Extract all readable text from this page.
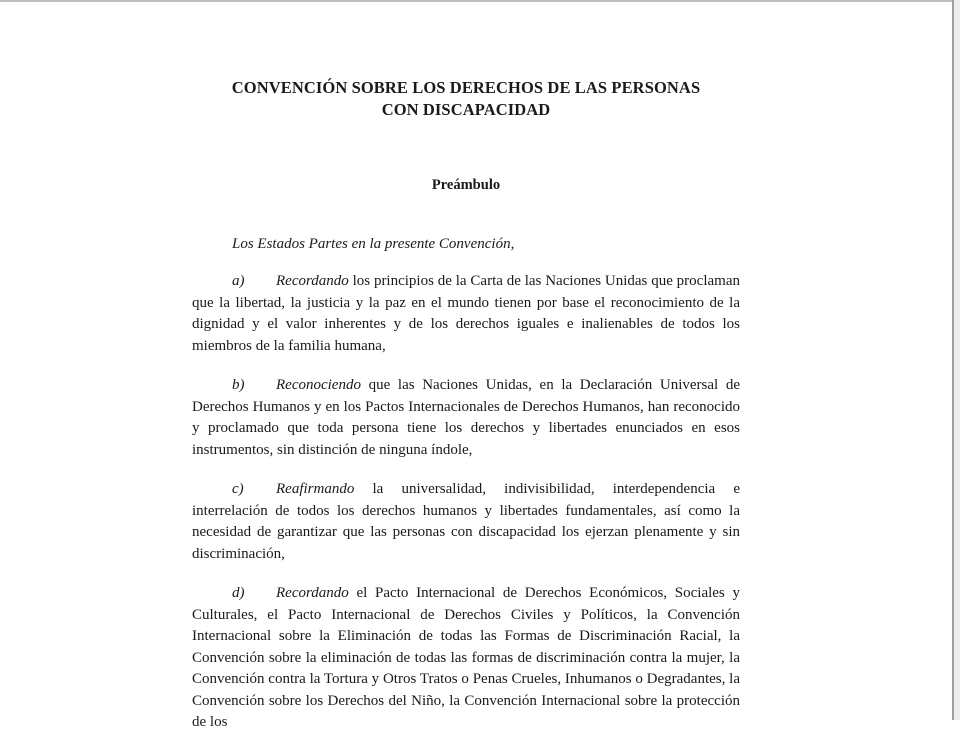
CONVENCIÓN SOBRE LOS DERECHOS DE LAS PERSONAS
CON DISCAPACIDAD
Preámbulo
Los Estados Partes en la presente Convención,

a) Recordando los principios de la Carta de las Naciones Unidas que proclaman que la libertad, la justicia y la paz en el mundo tienen por base el reconocimiento de la dignidad y el valor inherentes y de los derechos iguales e inalienables de todos los miembros de la familia humana,

b) Reconociendo que las Naciones Unidas, en la Declaración Universal de Derechos Humanos y en los Pactos Internacionales de Derechos Humanos, han reconocido y proclamado que toda persona tiene los derechos y libertades enunciados en esos instrumentos, sin distinción de ninguna índole,

c) Reafirmando la universalidad, indivisibilidad, interdependencia e interrelación de todos los derechos humanos y libertades fundamentales, así como la necesidad de garantizar que las personas con discapacidad los ejerzan plenamente y sin discriminación,

d) Recordando el Pacto Internacional de Derechos Económicos, Sociales y Culturales, el Pacto Internacional de Derechos Civiles y Políticos, la Convención Internacional sobre la Eliminación de todas las Formas de Discriminación Racial, la Convención sobre la eliminación de todas las formas de discriminación contra la mujer, la Convención contra la Tortura y Otros Tratos o Penas Crueles, Inhumanos o Degradantes, la Convención sobre los Derechos del Niño, la Convención Internacional sobre la protección de los
